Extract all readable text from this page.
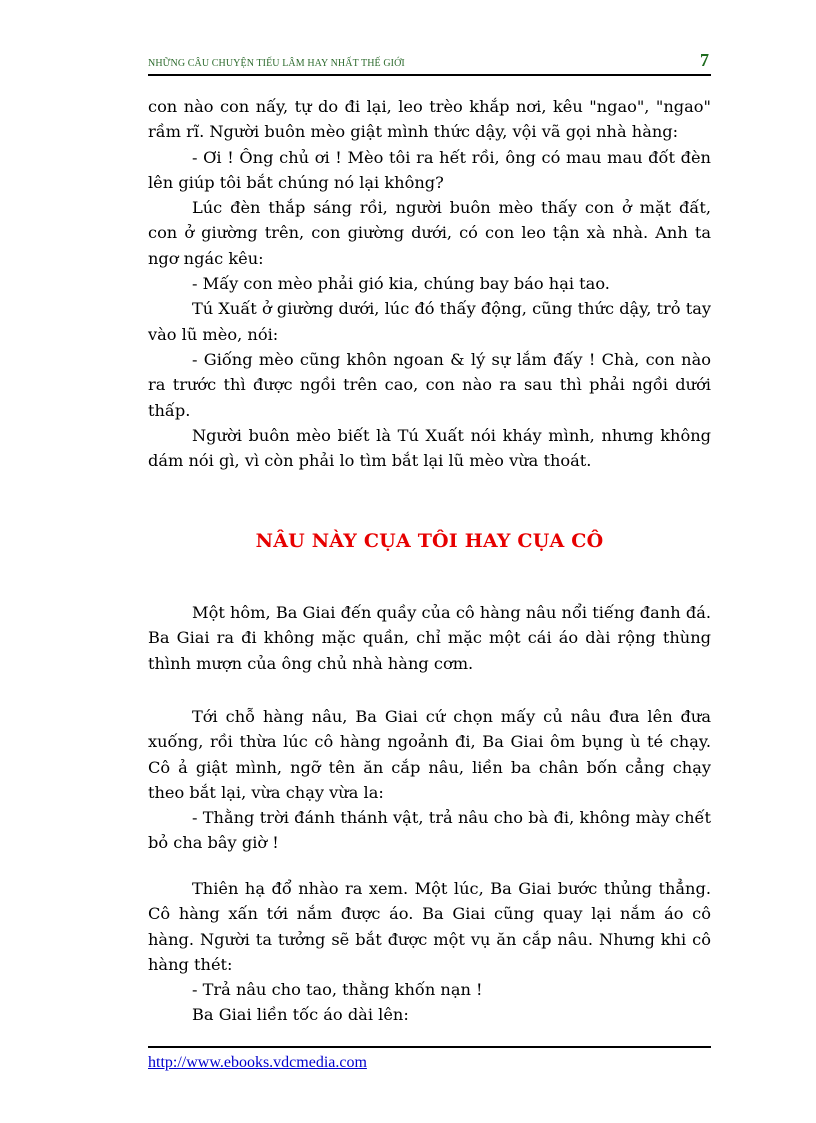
NHỮNG CÂU CHUYỆN TIẾU LÂM HAY NHẤT THẾ GIỚI	7

con nào con nấy, tự do đi lại, leo trèo khắp nơi, kêu "ngao", "ngao" rầm rĩ. Người buôn mèo giật mình thức dậy, vội vã gọi nhà hàng:

- Ơi ! Ông chủ ơi ! Mèo tôi ra hết rồi, ông có mau mau đốt đèn lên giúp tôi bắt chúng nó lại không?

Lúc đèn thắp sáng rồi, người buôn mèo thấy con ở mặt đất, con ở giường trên, con giường dưới, có con leo tận xà nhà. Anh ta ngơ ngác kêu:

- Mấy con mèo phải gió kia, chúng bay báo hại tao.

Tú Xuất ở giường dưới, lúc đó thấy động, cũng thức dậy, trỏ tay vào lũ mèo, nói:

- Giống mèo cũng khôn ngoan & lý sự lắm đấy ! Chà, con nào ra trước thì được ngồi trên cao, con nào ra sau thì phải ngồi dưới thấp.

Người buôn mèo biết là Tú Xuất nói kháy mình, nhưng không dám nói gì, vì còn phải lo tìm bắt lại lũ mèo vừa thoát.

NÂU NÀY CỤA TÔI HAY CỤA CÔ

Một hôm, Ba Giai đến quầy của cô hàng nâu nổi tiếng đanh đá. Ba Giai ra đi không mặc quần, chỉ mặc một cái áo dài rộng thùng thình mượn của ông chủ nhà hàng cơm.

Tới chỗ hàng nâu, Ba Giai cứ chọn mấy củ nâu đưa lên đưa xuống, rồi thừa lúc cô hàng ngoảnh đi, Ba Giai ôm bụng ù té chạy. Cô ả giật mình, ngỡ tên ăn cắp nâu, liền ba chân bốn cẳng chạy theo bắt lại, vừa chạy vừa la:

- Thằng trời đánh thánh vật, trả nâu cho bà đi, không mày chết bỏ cha bây giờ !

Thiên hạ đổ nhào ra xem. Một lúc, Ba Giai bước thủng thẳng. Cô hàng xấn tới nắm được áo. Ba Giai cũng quay lại nắm áo cô hàng. Người ta tưởng sẽ bắt được một vụ ăn cắp nâu. Nhưng khi cô hàng thét:

- Trả nâu cho tao, thằng khốn nạn !

Ba Giai liền tốc áo dài lên:

http://www.ebooks.vdcmedia.com
